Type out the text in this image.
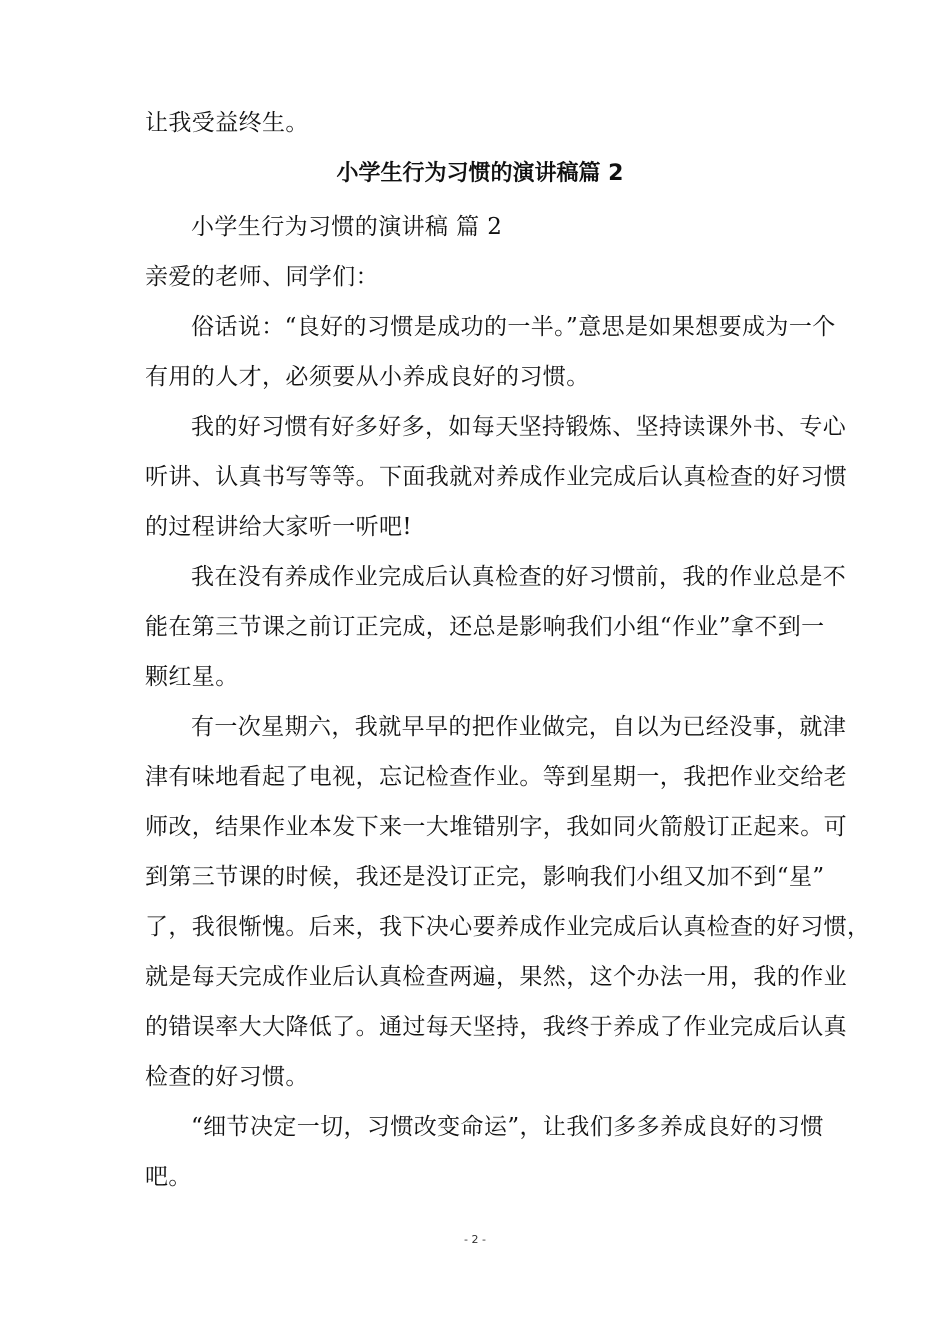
让我受益终生。
小学生行为习惯的演讲稿篇 2
小学生行为习惯的演讲稿 篇 2
亲爱的老师、同学们：
俗话说：“良好的习惯是成功的一半。”意思是如果想要成为一个
有用的人才，必须要从小养成良好的习惯。
我的好习惯有好多好多，如每天坚持锻炼、坚持读课外书、专心
听讲、认真书写等等。下面我就对养成作业完成后认真检查的好习惯
的过程讲给大家听一听吧!
我在没有养成作业完成后认真检查的好习惯前，我的作业总是不
能在第三节课之前订正完成，还总是影响我们小组“作业”拿不到一
颗红星。
有一次星期六，我就早早的把作业做完，自以为已经没事，就津
津有味地看起了电视，忘记检查作业。等到星期一，我把作业交给老
师改，结果作业本发下来一大堆错别字，我如同火箭般订正起来。可
到第三节课的时候，我还是没订正完，影响我们小组又加不到“星”
了，我很惭愧。后来，我下决心要养成作业完成后认真检查的好习惯，
就是每天完成作业后认真检查两遍，果然，这个办法一用，我的作业
的错误率大大降低了。通过每天坚持，我终于养成了作业完成后认真
检查的好习惯。
“细节决定一切，习惯改变命运”，让我们多多养成良好的习惯
吧。
- 2 -
